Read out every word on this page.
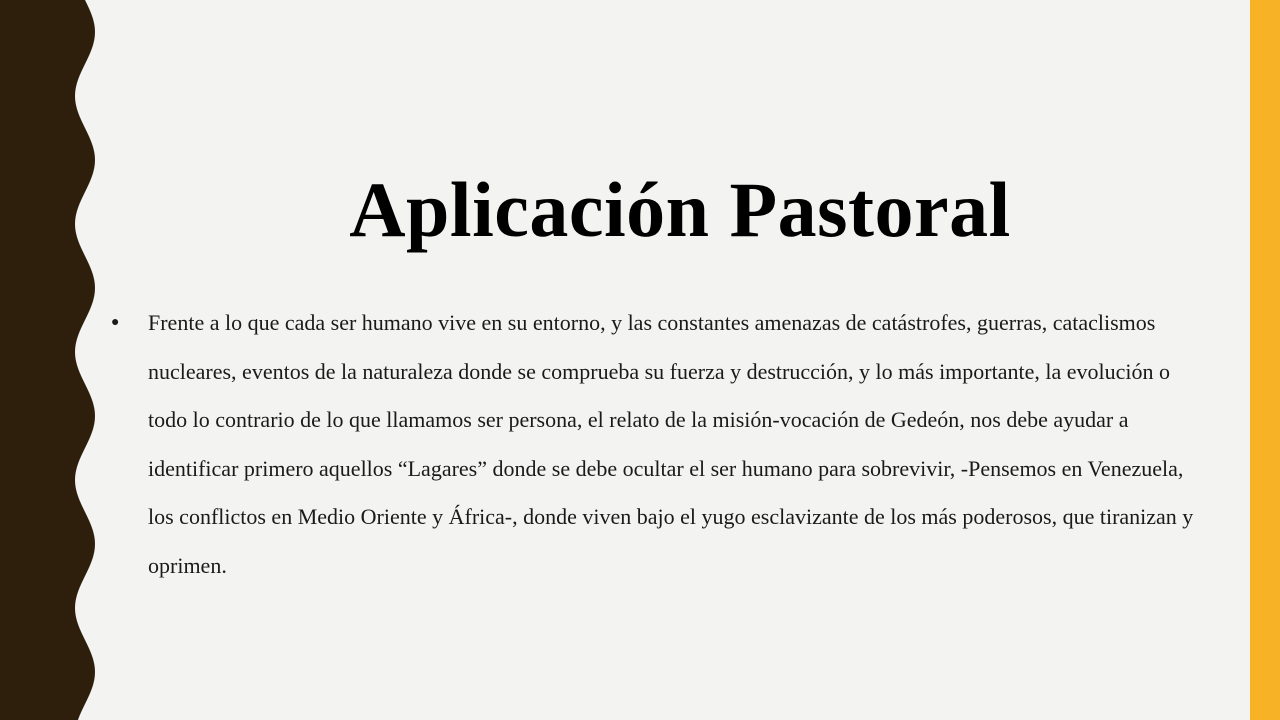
Aplicación Pastoral
● Frente a lo que cada ser humano vive en su entorno, y las constantes amenazas de catástrofes, guerras, cataclismos nucleares, eventos de la naturaleza donde se comprueba su fuerza y destrucción, y lo más importante, la evolución o todo lo contrario de lo que llamamos ser persona, el relato de la misión-vocación de Gedeón, nos debe ayudar a identificar primero aquellos “Lagares” donde se debe ocultar el ser humano para sobrevivir, -Pensemos en Venezuela, los conflictos en Medio Oriente y África-, donde viven bajo el yugo esclavizante de los más poderosos, que tiranizan y oprimen.
